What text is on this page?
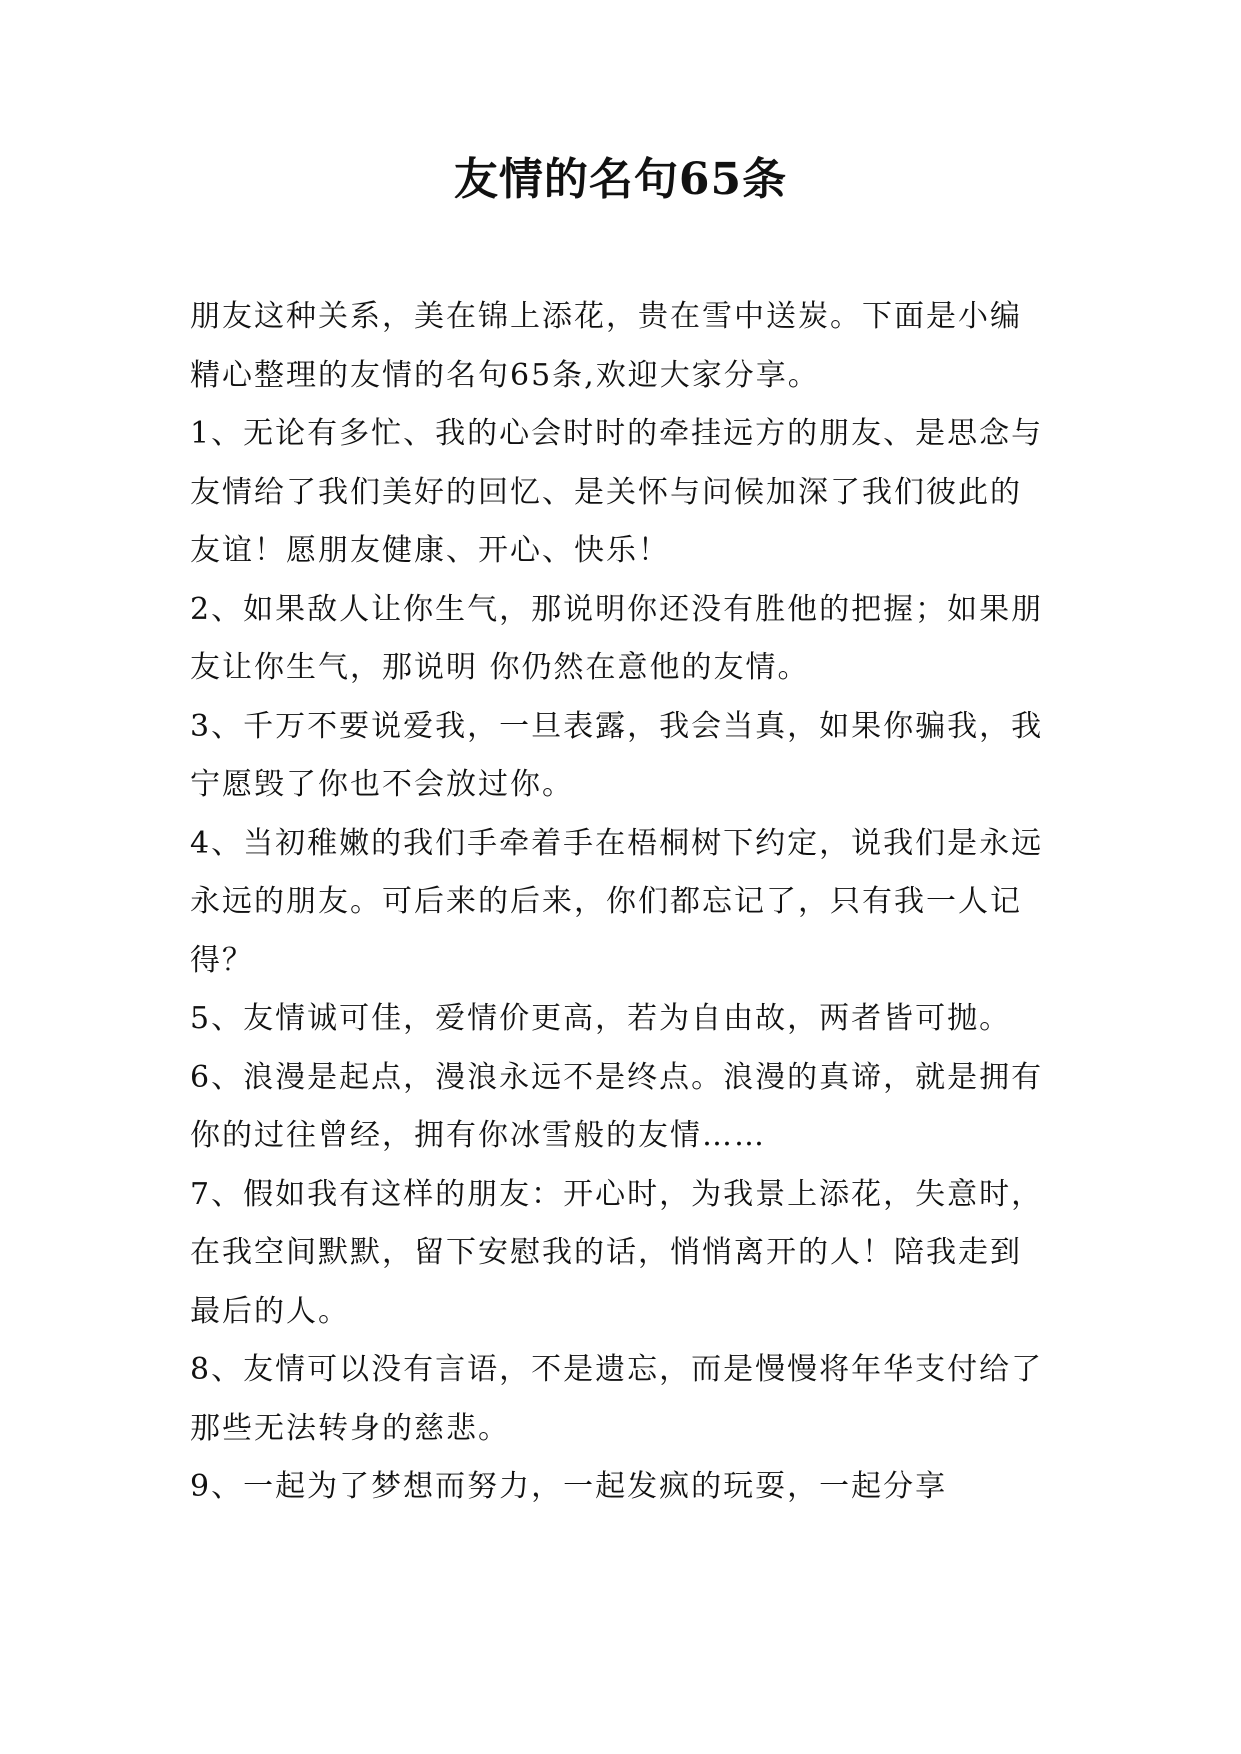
友情的名句65条
朋友这种关系，美在锦上添花，贵在雪中送炭。下面是小编精心整理的友情的名句65条,欢迎大家分享。
1、无论有多忙、我的心会时时的牵挂远方的朋友、是思念与友情给了我们美好的回忆、是关怀与问候加深了我们彼此的友谊！愿朋友健康、开心、快乐！
2、如果敌人让你生气，那说明你还没有胜他的把握；如果朋友让你生气，那说明 你仍然在意他的友情。
3、千万不要说爱我，一旦表露，我会当真，如果你骗我，我宁愿毁了你也不会放过你。
4、当初稚嫩的我们手牵着手在梧桐树下约定，说我们是永远永远的朋友。可后来的后来，你们都忘记了，只有我一人记得？
5、友情诚可佳，爱情价更高，若为自由故，两者皆可抛。
6、浪漫是起点，漫浪永远不是终点。浪漫的真谛，就是拥有你的过往曾经，拥有你冰雪般的友情……
7、假如我有这样的朋友：开心时，为我景上添花，失意时，在我空间默默，留下安慰我的话，悄悄离开的人！陪我走到最后的人。
8、友情可以没有言语，不是遗忘，而是慢慢将年华支付给了那些无法转身的慈悲。
9、一起为了梦想而努力，一起发疯的玩耍，一起分享
